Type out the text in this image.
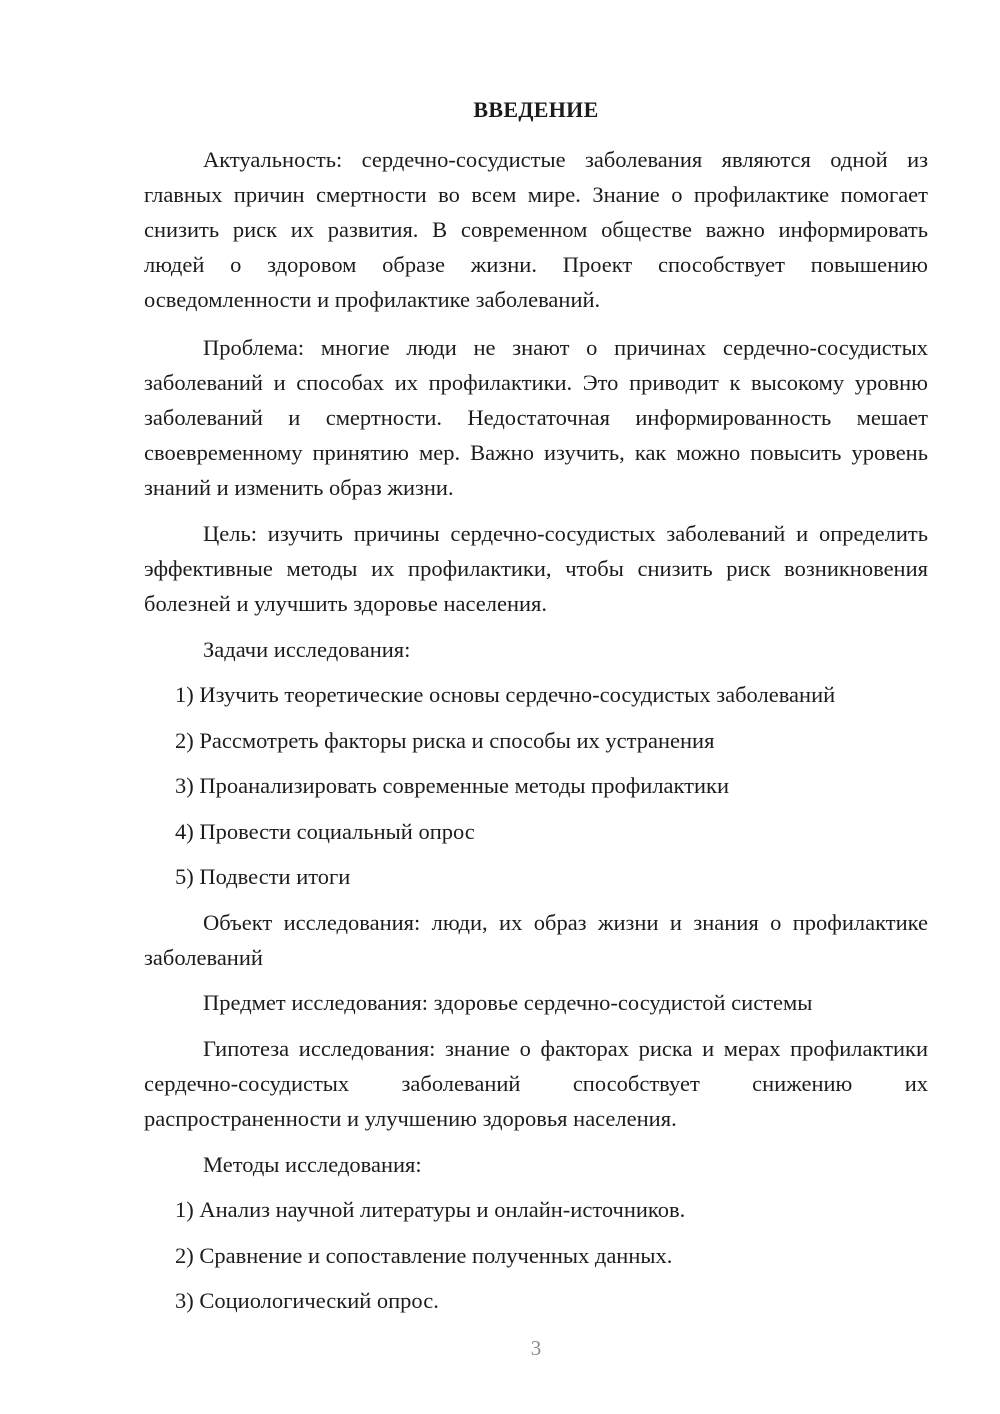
ВВЕДЕНИЕ

Актуальность: сердечно-сосудистые заболевания являются одной из главных причин смертности во всем мире. Знание о профилактике помогает снизить риск их развития. В современном обществе важно информировать людей о здоровом образе жизни. Проект способствует повышению осведомленности и профилактике заболеваний.

Проблема: многие люди не знают о причинах сердечно-сосудистых заболеваний и способах их профилактики. Это приводит к высокому уровню заболеваний и смертности. Недостаточная информированность мешает своевременному принятию мер. Важно изучить, как можно повысить уровень знаний и изменить образ жизни.

Цель: изучить причины сердечно-сосудистых заболеваний и определить эффективные методы их профилактики, чтобы снизить риск возникновения болезней и улучшить здоровье населения.

Задачи исследования:

1) Изучить теоретические основы сердечно-сосудистых заболеваний

2) Рассмотреть факторы риска и способы их устранения

3) Проанализировать современные методы профилактики

4) Провести социальный опрос

5) Подвести итоги

Объект исследования: люди, их образ жизни и знания о профилактике заболеваний

Предмет исследования: здоровье сердечно-сосудистой системы

Гипотеза исследования: знание о факторах риска и мерах профилактики сердечно-сосудистых заболеваний способствует снижению их распространенности и улучшению здоровья населения.

Методы исследования:

1) Анализ научной литературы и онлайн-источников.

2) Сравнение и сопоставление полученных данных.

3) Социологический опрос.

3
